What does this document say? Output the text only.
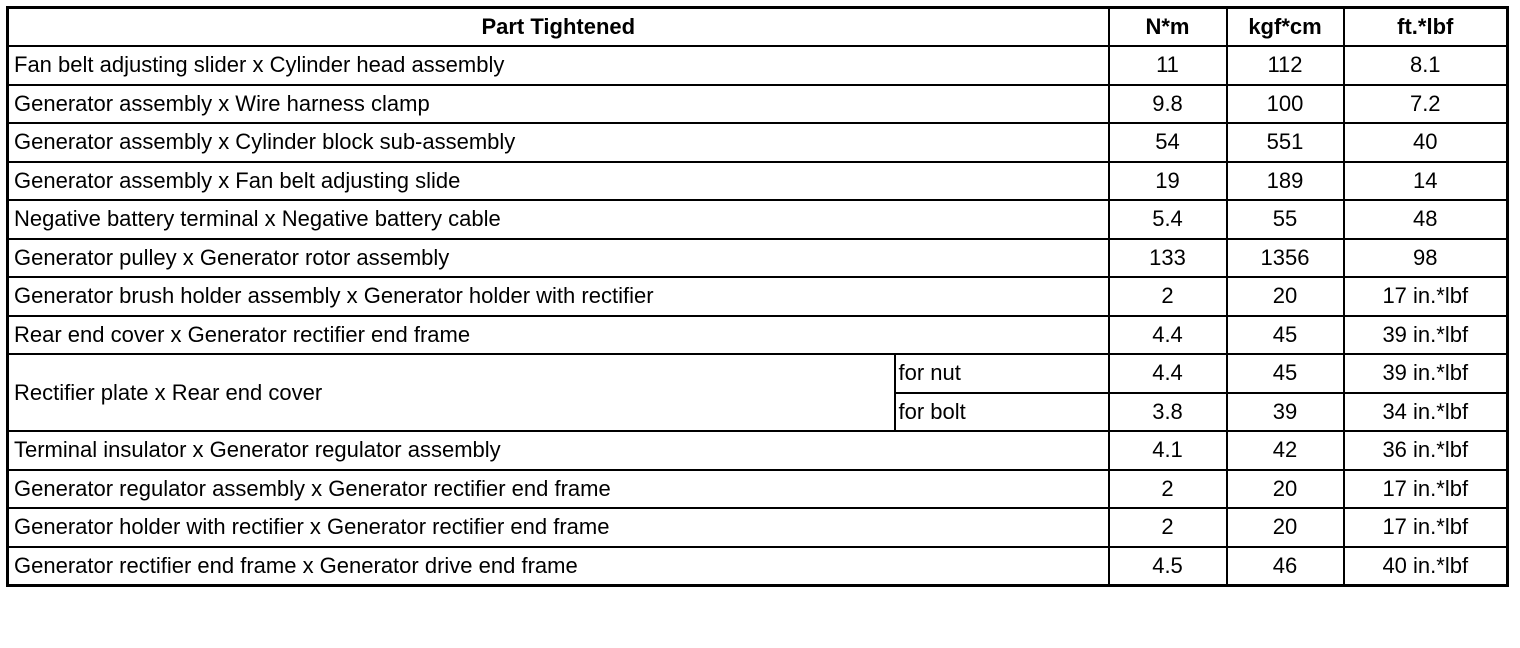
Part Tightened		N*m	kgf*cm	ft.*lbf
Fan belt adjusting slider x Cylinder head assembly		11	112	8.1
Generator assembly x Wire harness clamp		9.8	100	7.2
Generator assembly x Cylinder block sub-assembly		54	551	40
Generator assembly x Fan belt adjusting slide		19	189	14
Negative battery terminal x Negative battery cable		5.4	55	48
Generator pulley x Generator rotor assembly		133	1356	98
Generator brush holder assembly x Generator holder with rectifier		2	20	17 in.*lbf
Rear end cover x Generator rectifier end frame		4.4	45	39 in.*lbf
Rectifier plate x Rear end cover	for nut	4.4	45	39 in.*lbf
	for bolt	3.8	39	34 in.*lbf
Terminal insulator x Generator regulator assembly		4.1	42	36 in.*lbf
Generator regulator assembly x Generator rectifier end frame		2	20	17 in.*lbf
Generator holder with rectifier x Generator rectifier end frame		2	20	17 in.*lbf
Generator rectifier end frame x Generator drive end frame		4.5	46	40 in.*lbf
